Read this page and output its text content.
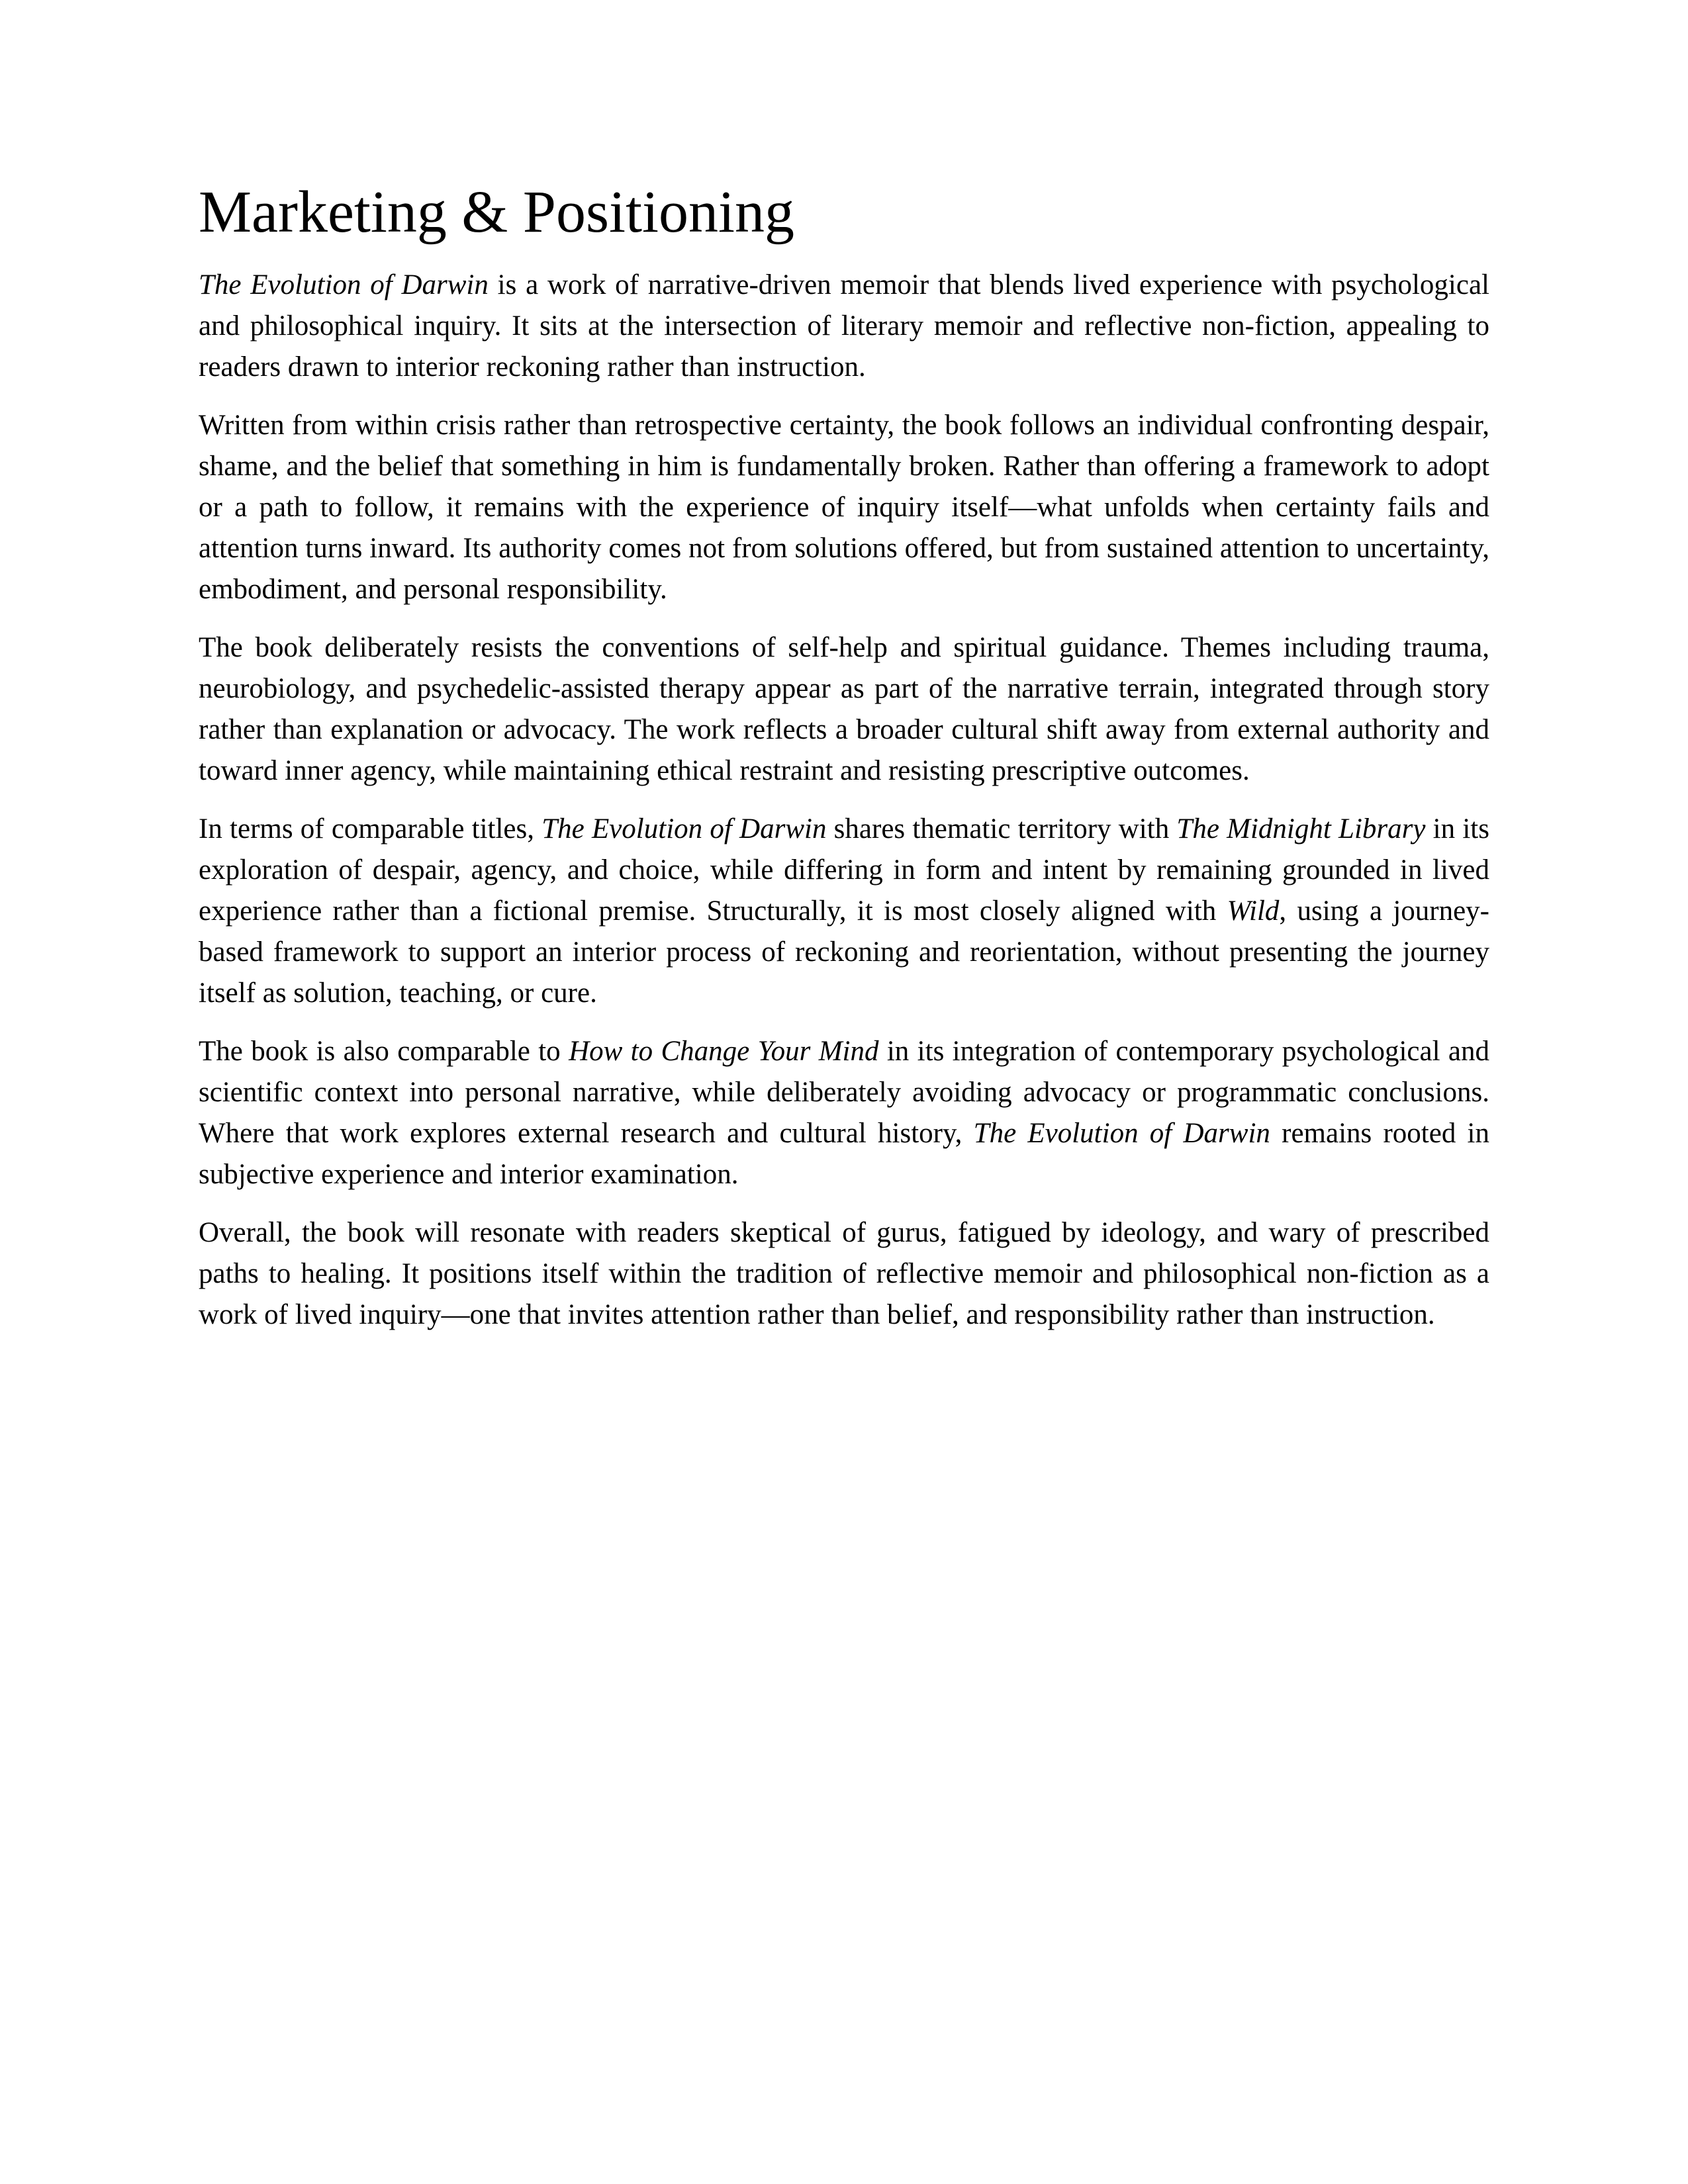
Marketing & Positioning

The Evolution of Darwin is a work of narrative-driven memoir that blends lived experience with psychological and philosophical inquiry. It sits at the intersection of literary memoir and reflective non-fiction, appealing to readers drawn to interior reckoning rather than instruction.

Written from within crisis rather than retrospective certainty, the book follows an individual confronting despair, shame, and the belief that something in him is fundamentally broken. Rather than offering a framework to adopt or a path to follow, it remains with the experience of inquiry itself—what unfolds when certainty fails and attention turns inward. Its authority comes not from solutions offered, but from sustained attention to uncertainty, embodiment, and personal responsibility.

The book deliberately resists the conventions of self-help and spiritual guidance. Themes including trauma, neurobiology, and psychedelic-assisted therapy appear as part of the narrative terrain, integrated through story rather than explanation or advocacy. The work reflects a broader cultural shift away from external authority and toward inner agency, while maintaining ethical restraint and resisting prescriptive outcomes.

In terms of comparable titles, The Evolution of Darwin shares thematic territory with The Midnight Library in its exploration of despair, agency, and choice, while differing in form and intent by remaining grounded in lived experience rather than a fictional premise. Structurally, it is most closely aligned with Wild, using a journey-based framework to support an interior process of reckoning and reorientation, without presenting the journey itself as solution, teaching, or cure.

The book is also comparable to How to Change Your Mind in its integration of contemporary psychological and scientific context into personal narrative, while deliberately avoiding advocacy or programmatic conclusions. Where that work explores external research and cultural history, The Evolution of Darwin remains rooted in subjective experience and interior examination.

Overall, the book will resonate with readers skeptical of gurus, fatigued by ideology, and wary of prescribed paths to healing. It positions itself within the tradition of reflective memoir and philosophical non-fiction as a work of lived inquiry—one that invites attention rather than belief, and responsibility rather than instruction.
